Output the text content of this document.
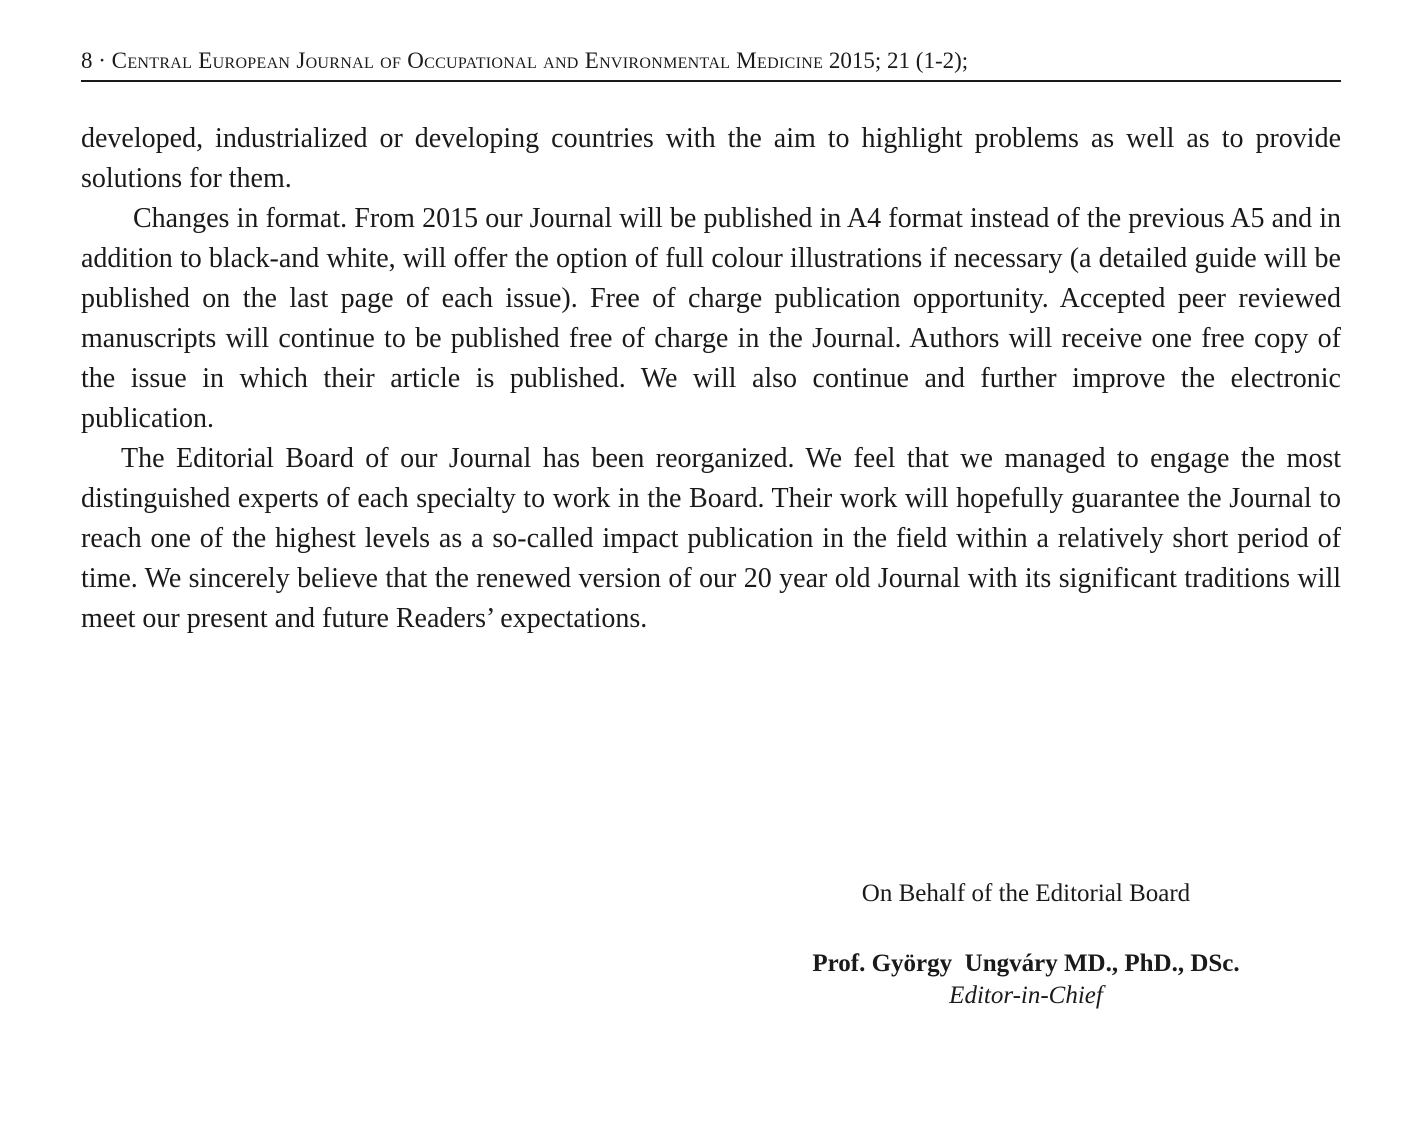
8 · Central European Journal of Occupational and Environmental Medicine 2015; 21 (1-2);

developed, industrialized or developing countries with the aim to highlight problems as well as to provide solutions for them.

Changes in format. From 2015 our Journal will be published in A4 format instead of the previous A5 and in addition to black-and white, will offer the option of full colour illustrations if necessary (a detailed guide will be published on the last page of each issue). Free of charge publication opportunity. Accepted peer reviewed manuscripts will continue to be published free of charge in the Journal. Authors will receive one free copy of the issue in which their article is published. We will also continue and further improve the electronic publication.

The Editorial Board of our Journal has been reorganized. We feel that we managed to engage the most distinguished experts of each specialty to work in the Board. Their work will hopefully guarantee the Journal to reach one of the highest levels as a so-called impact publication in the field within a relatively short period of time. We sincerely believe that the renewed version of our 20 year old Journal with its significant traditions will meet our present and future Readers’ expectations.

On Behalf of the Editorial Board
Prof. György  Ungváry MD., PhD., DSc.
Editor-in-Chief
